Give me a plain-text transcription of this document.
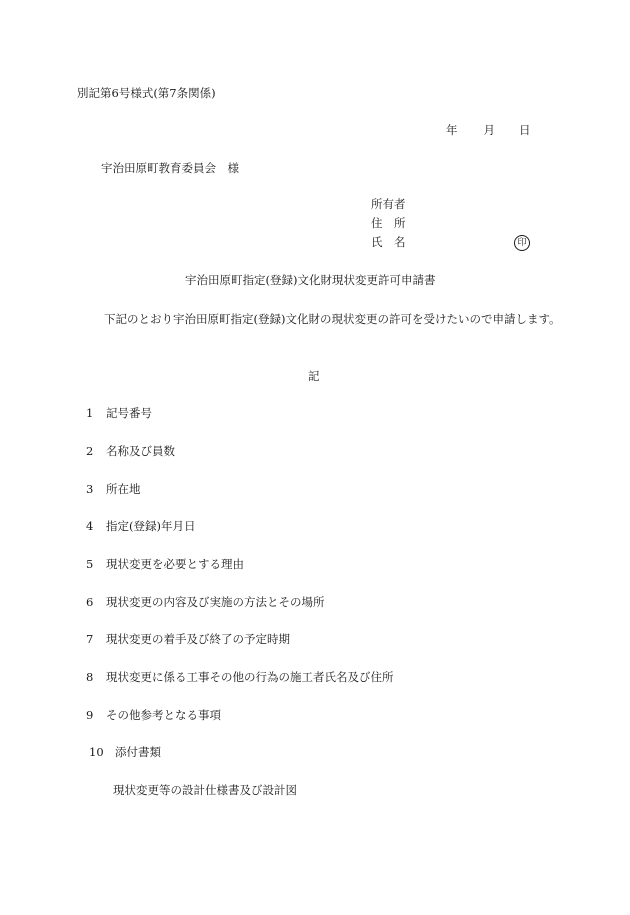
別記第6号様式(第7条関係)
年 月 日
宇治田原町教育委員会　様
所有者
住　所
氏　名	印
宇治田原町指定(登録)文化財現状変更許可申請書
下記のとおり宇治田原町指定(登録)文化財の現状変更の許可を受けたいので申請します。
記
1 記号番号
2 名称及び員数
3 所在地
4 指定(登録)年月日
5 現状変更を必要とする理由
6 現状変更の内容及び実施の方法とその場所
7 現状変更の着手及び終了の予定時期
8 現状変更に係る工事その他の行為の施工者氏名及び住所
9 その他参考となる事項
10 添付書類
現状変更等の設計仕様書及び設計図
